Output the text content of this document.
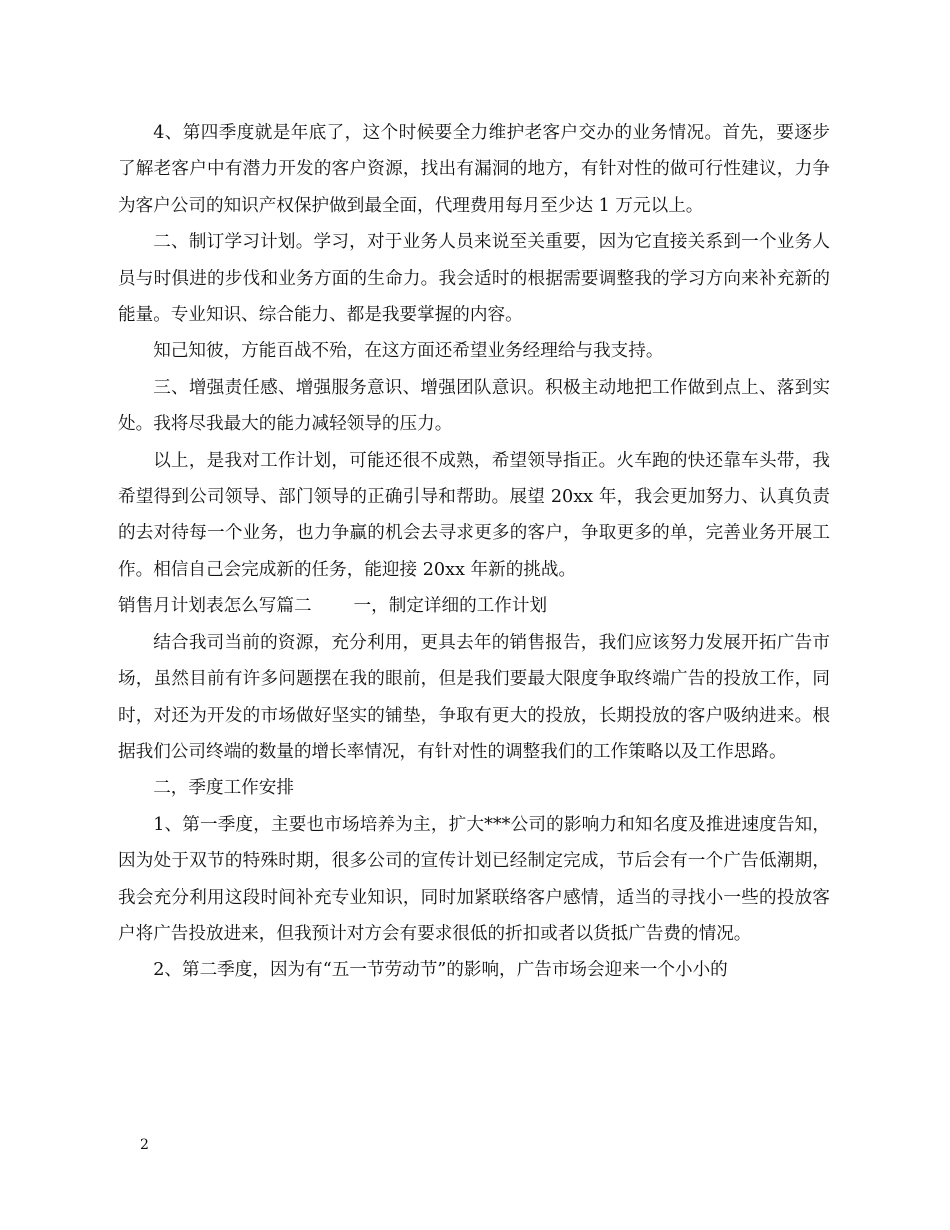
4、第四季度就是年底了，这个时候要全力维护老客户交办的业务情况。首先，要逐步了解老客户中有潜力开发的客户资源，找出有漏洞的地方，有针对性的做可行性建议，力争为客户公司的知识产权保护做到最全面，代理费用每月至少达 1 万元以上。

二、制订学习计划。学习，对于业务人员来说至关重要，因为它直接关系到一个业务人员与时俱进的步伐和业务方面的生命力。我会适时的根据需要调整我的学习方向来补充新的能量。专业知识、综合能力、都是我要掌握的内容。

知己知彼，方能百战不殆，在这方面还希望业务经理给与我支持。

三、增强责任感、增强服务意识、增强团队意识。积极主动地把工作做到点上、落到实处。我将尽我最大的能力减轻领导的压力。

以上，是我对工作计划，可能还很不成熟，希望领导指正。火车跑的快还靠车头带，我希望得到公司领导、部门领导的正确引导和帮助。展望 20xx 年，我会更加努力、认真负责的去对待每一个业务，也力争赢的机会去寻求更多的客户，争取更多的单，完善业务开展工作。相信自己会完成新的任务，能迎接 20xx 年新的挑战。

销售月计划表怎么写篇二 一，制定详细的工作计划

结合我司当前的资源，充分利用，更具去年的销售报告，我们应该努力发展开拓广告市场，虽然目前有许多问题摆在我的眼前，但是我们要最大限度争取终端广告的投放工作，同时，对还为开发的市场做好坚实的铺垫，争取有更大的投放，长期投放的客户吸纳进来。根据我们公司终端的数量的增长率情况，有针对性的调整我们的工作策略以及工作思路。

二，季度工作安排

1、第一季度，主要也市场培养为主，扩大***公司的影响力和知名度及推进速度告知，因为处于双节的特殊时期，很多公司的宣传计划已经制定完成，节后会有一个广告低潮期，我会充分利用这段时间补充专业知识，同时加紧联络客户感情，适当的寻找小一些的投放客户将广告投放进来，但我预计对方会有要求很低的折扣或者以货抵广告费的情况。

2、第二季度，因为有“五一节劳动节”的影响，广告市场会迎来一个小小的

2
